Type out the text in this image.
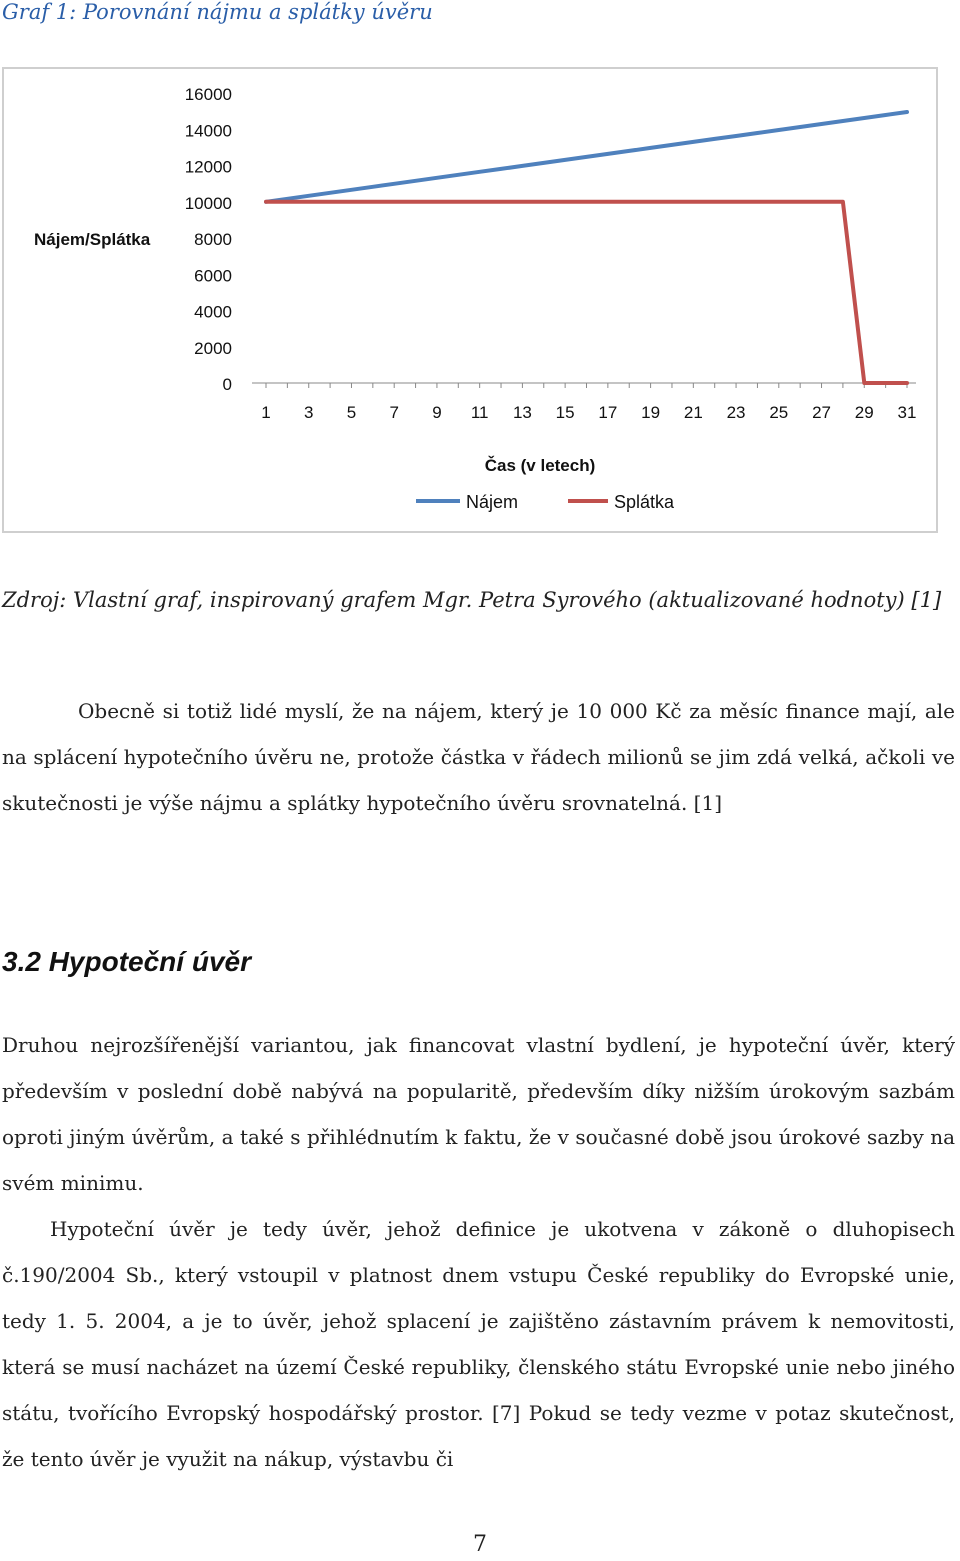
Graf 1: Porovnání nájmu a splátky úvěru
16000
14000
12000
10000
8000
6000
4000
2000
0
1 3 5 7 9 11 13 15 17 19 21 23 25 27 29 31
Nájem/Splátka
Čas (v letech)
Nájem	Splátka
Zdroj: Vlastní graf, inspirovaný grafem Mgr. Petra Syrového (aktualizované hodnoty) [1]
Obecně si totiž lidé myslí, že na nájem, který je 10 000 Kč za měsíc finance mají, ale na splácení hypotečního úvěru ne, protože částka v řádech milionů se jim zdá velká, ačkoli ve skutečnosti je výše nájmu a splátky hypotečního úvěru srovnatelná. [1]
3.2 Hypoteční úvěr
Druhou nejrozšířenější variantou, jak financovat vlastní bydlení, je hypoteční úvěr, který především v poslední době nabývá na popularitě, především díky nižším úrokovým sazbám oproti jiným úvěrům, a také s přihlédnutím k faktu, že v současné době jsou úrokové sazby na svém minimu.
Hypoteční úvěr je tedy úvěr, jehož definice je ukotvena v zákoně o dluhopisech č.190/2004 Sb., který vstoupil v platnost dnem vstupu České republiky do Evropské unie, tedy 1. 5. 2004, a je to úvěr, jehož splacení je zajištěno zástavním právem k nemovitosti, která se musí nacházet na území České republiky, členského státu Evropské unie nebo jiného státu, tvořícího Evropský hospodářský prostor. [7] Pokud se tedy vezme v potaz skutečnost, že tento úvěr je využit na nákup, výstavbu či
7
